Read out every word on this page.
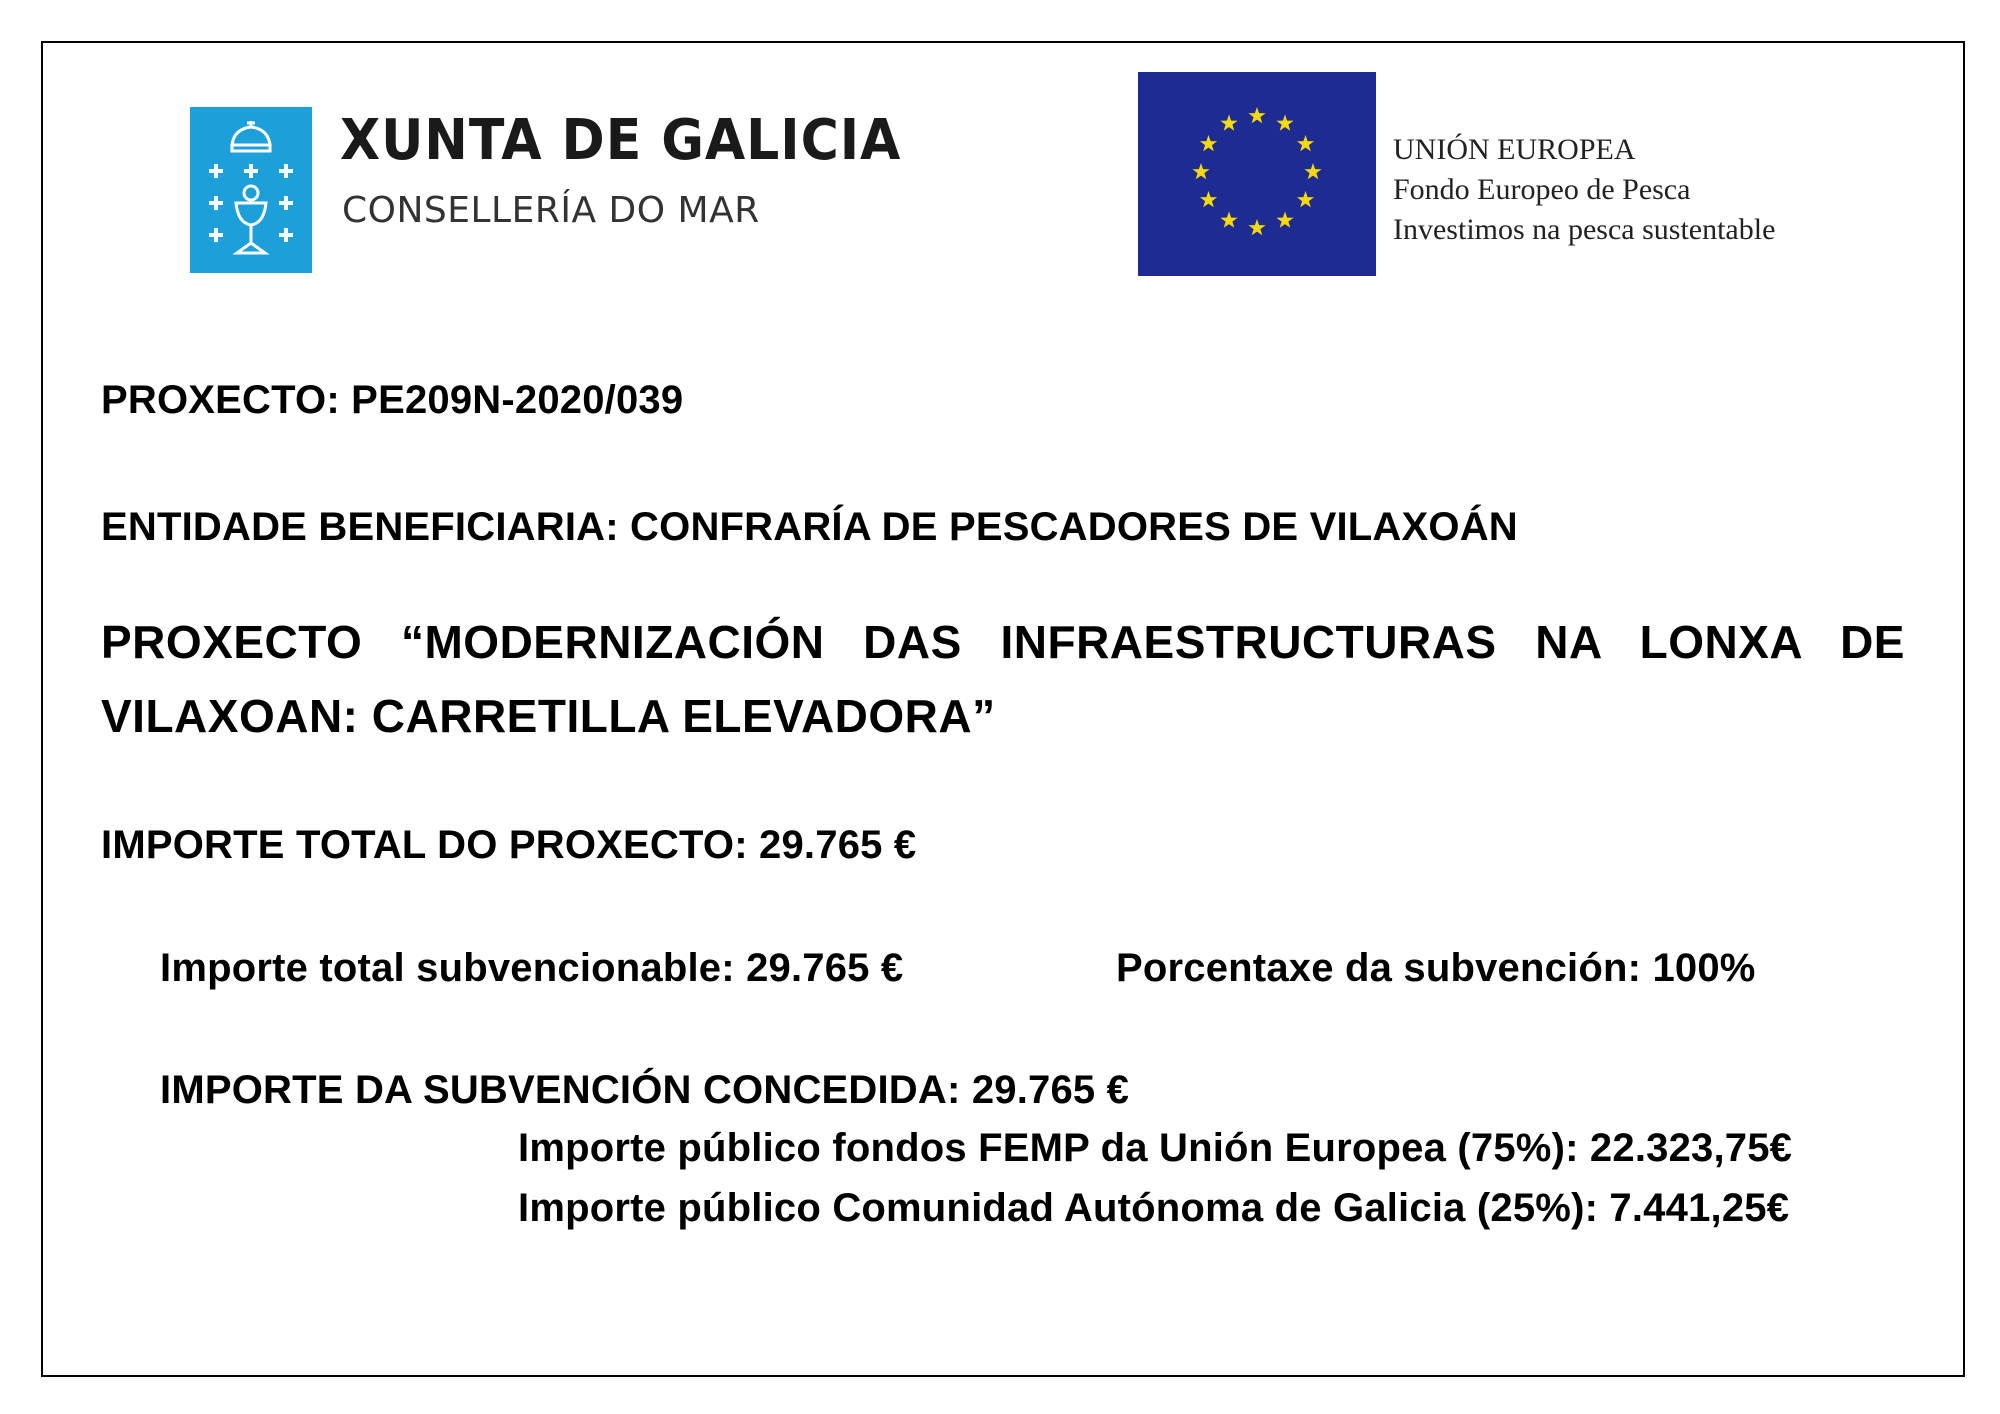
XUNTA DE GALICIA
CONSELLERÍA DO MAR
UNIÓN EUROPEA
Fondo Europeo de Pesca
Investimos na pesca sustentable
PROXECTO: PE209N-2020/039
ENTIDADE BENEFICIARIA: CONFRARÍA DE PESCADORES DE VILAXOÁN
PROXECTO “MODERNIZACIÓN DAS INFRAESTRUCTURAS NA LONXA DE VILAXOAN: CARRETILLA ELEVADORA”
IMPORTE TOTAL DO PROXECTO: 29.765 €
Importe total subvencionable: 29.765 €	Porcentaxe da subvención: 100%
IMPORTE DA SUBVENCIÓN CONCEDIDA: 29.765 €
Importe público fondos FEMP da Unión Europea (75%): 22.323,75€
Importe público Comunidad Autónoma de Galicia (25%): 7.441,25€
